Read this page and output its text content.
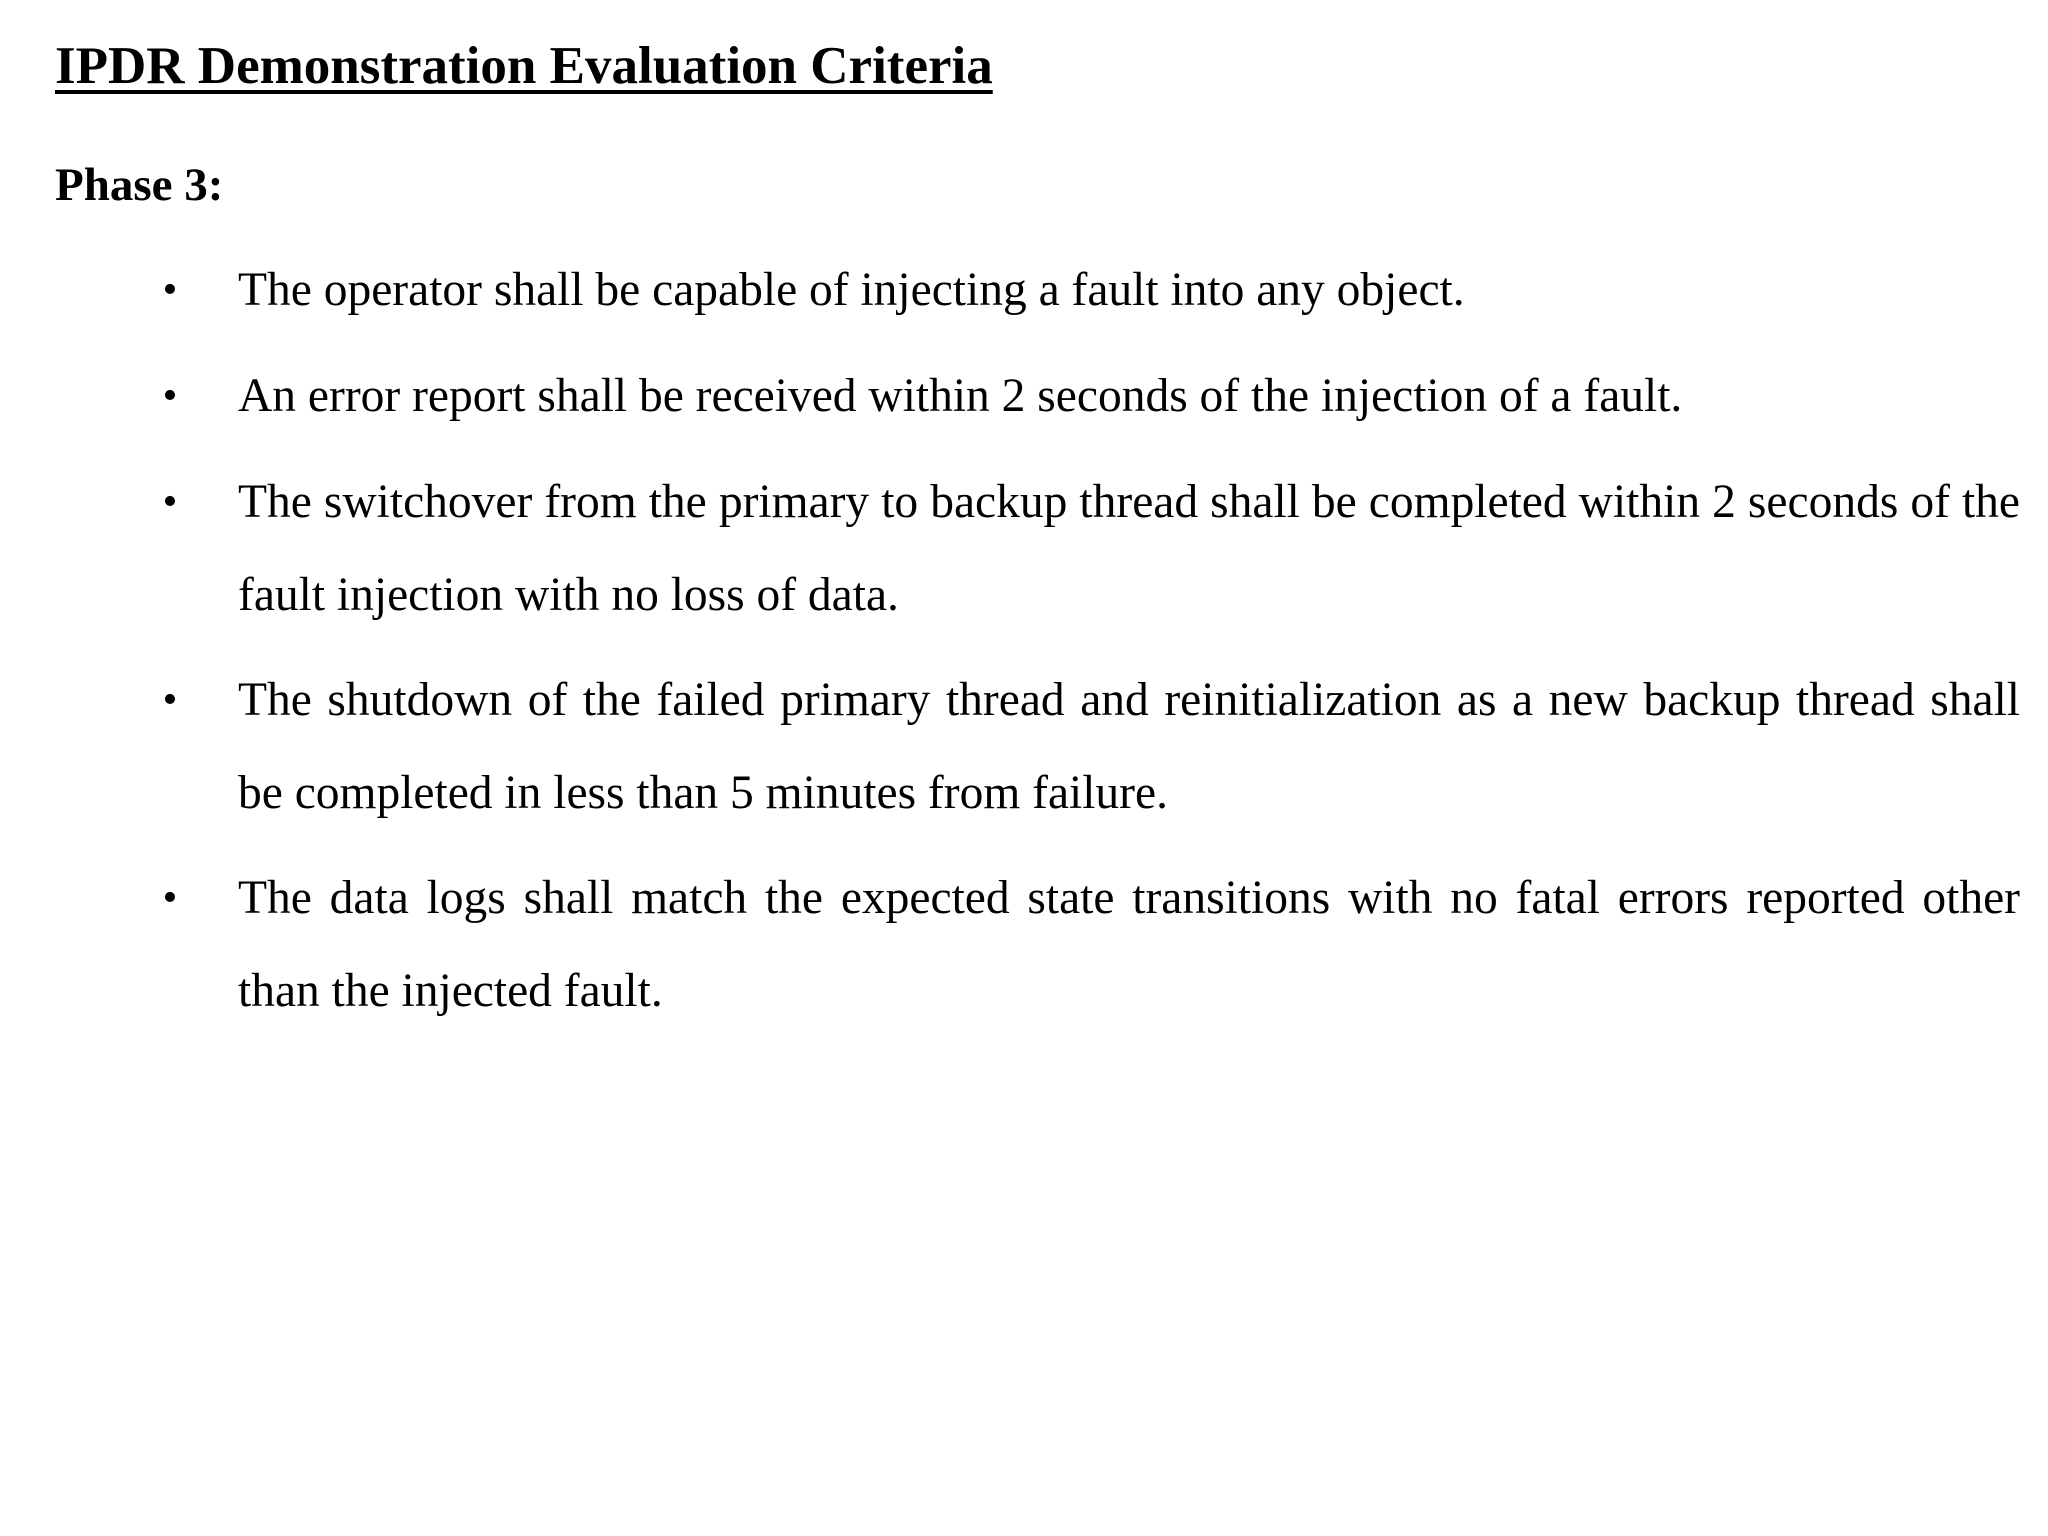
IPDR Demonstration Evaluation Criteria
Phase 3:
• The operator shall be capable of injecting a fault into any object.

• An error report shall be received within 2 seconds of the injection of a fault.

• The switchover from the primary to backup thread shall be completed within 2 seconds of the fault injection with no loss of data.

• The shutdown of the failed primary thread and reinitialization as a new backup thread shall be completed in less than 5 minutes from failure.

• The data logs shall match the expected state transitions with no fatal errors reported other than the injected fault.
